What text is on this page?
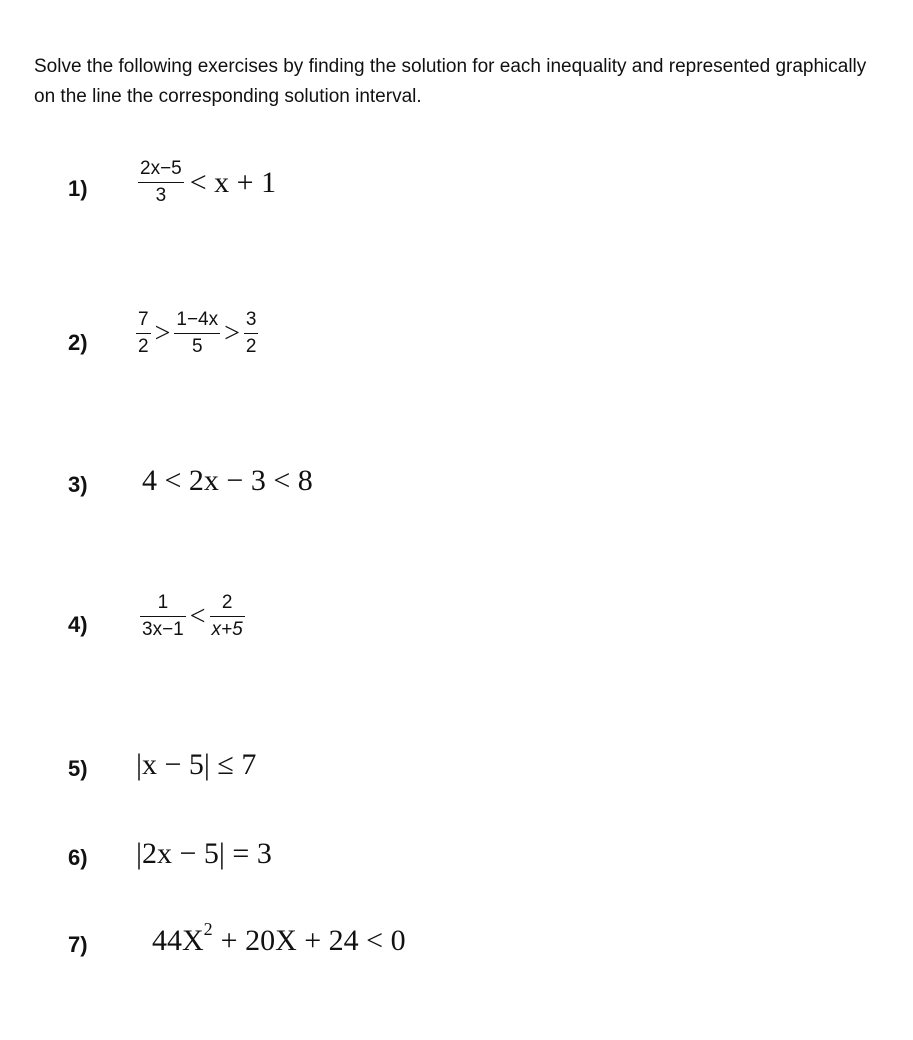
Solve the following exercises by finding the solution for each inequality and represented graphically on the line the corresponding solution interval.

1)	$\frac{2x-5}{3} < x + 1$
2)	$\frac{7}{2} > \frac{1-4x}{5} > \frac{3}{2}$
3) 4 < 2x − 3 < 8
4)	$\frac{1}{3x-1} < \frac{2}{x+5}$
5) |x − 5| ≤ 7
6) |2x − 5| = 3
7) $44X^2 + 20X + 24 < 0$
